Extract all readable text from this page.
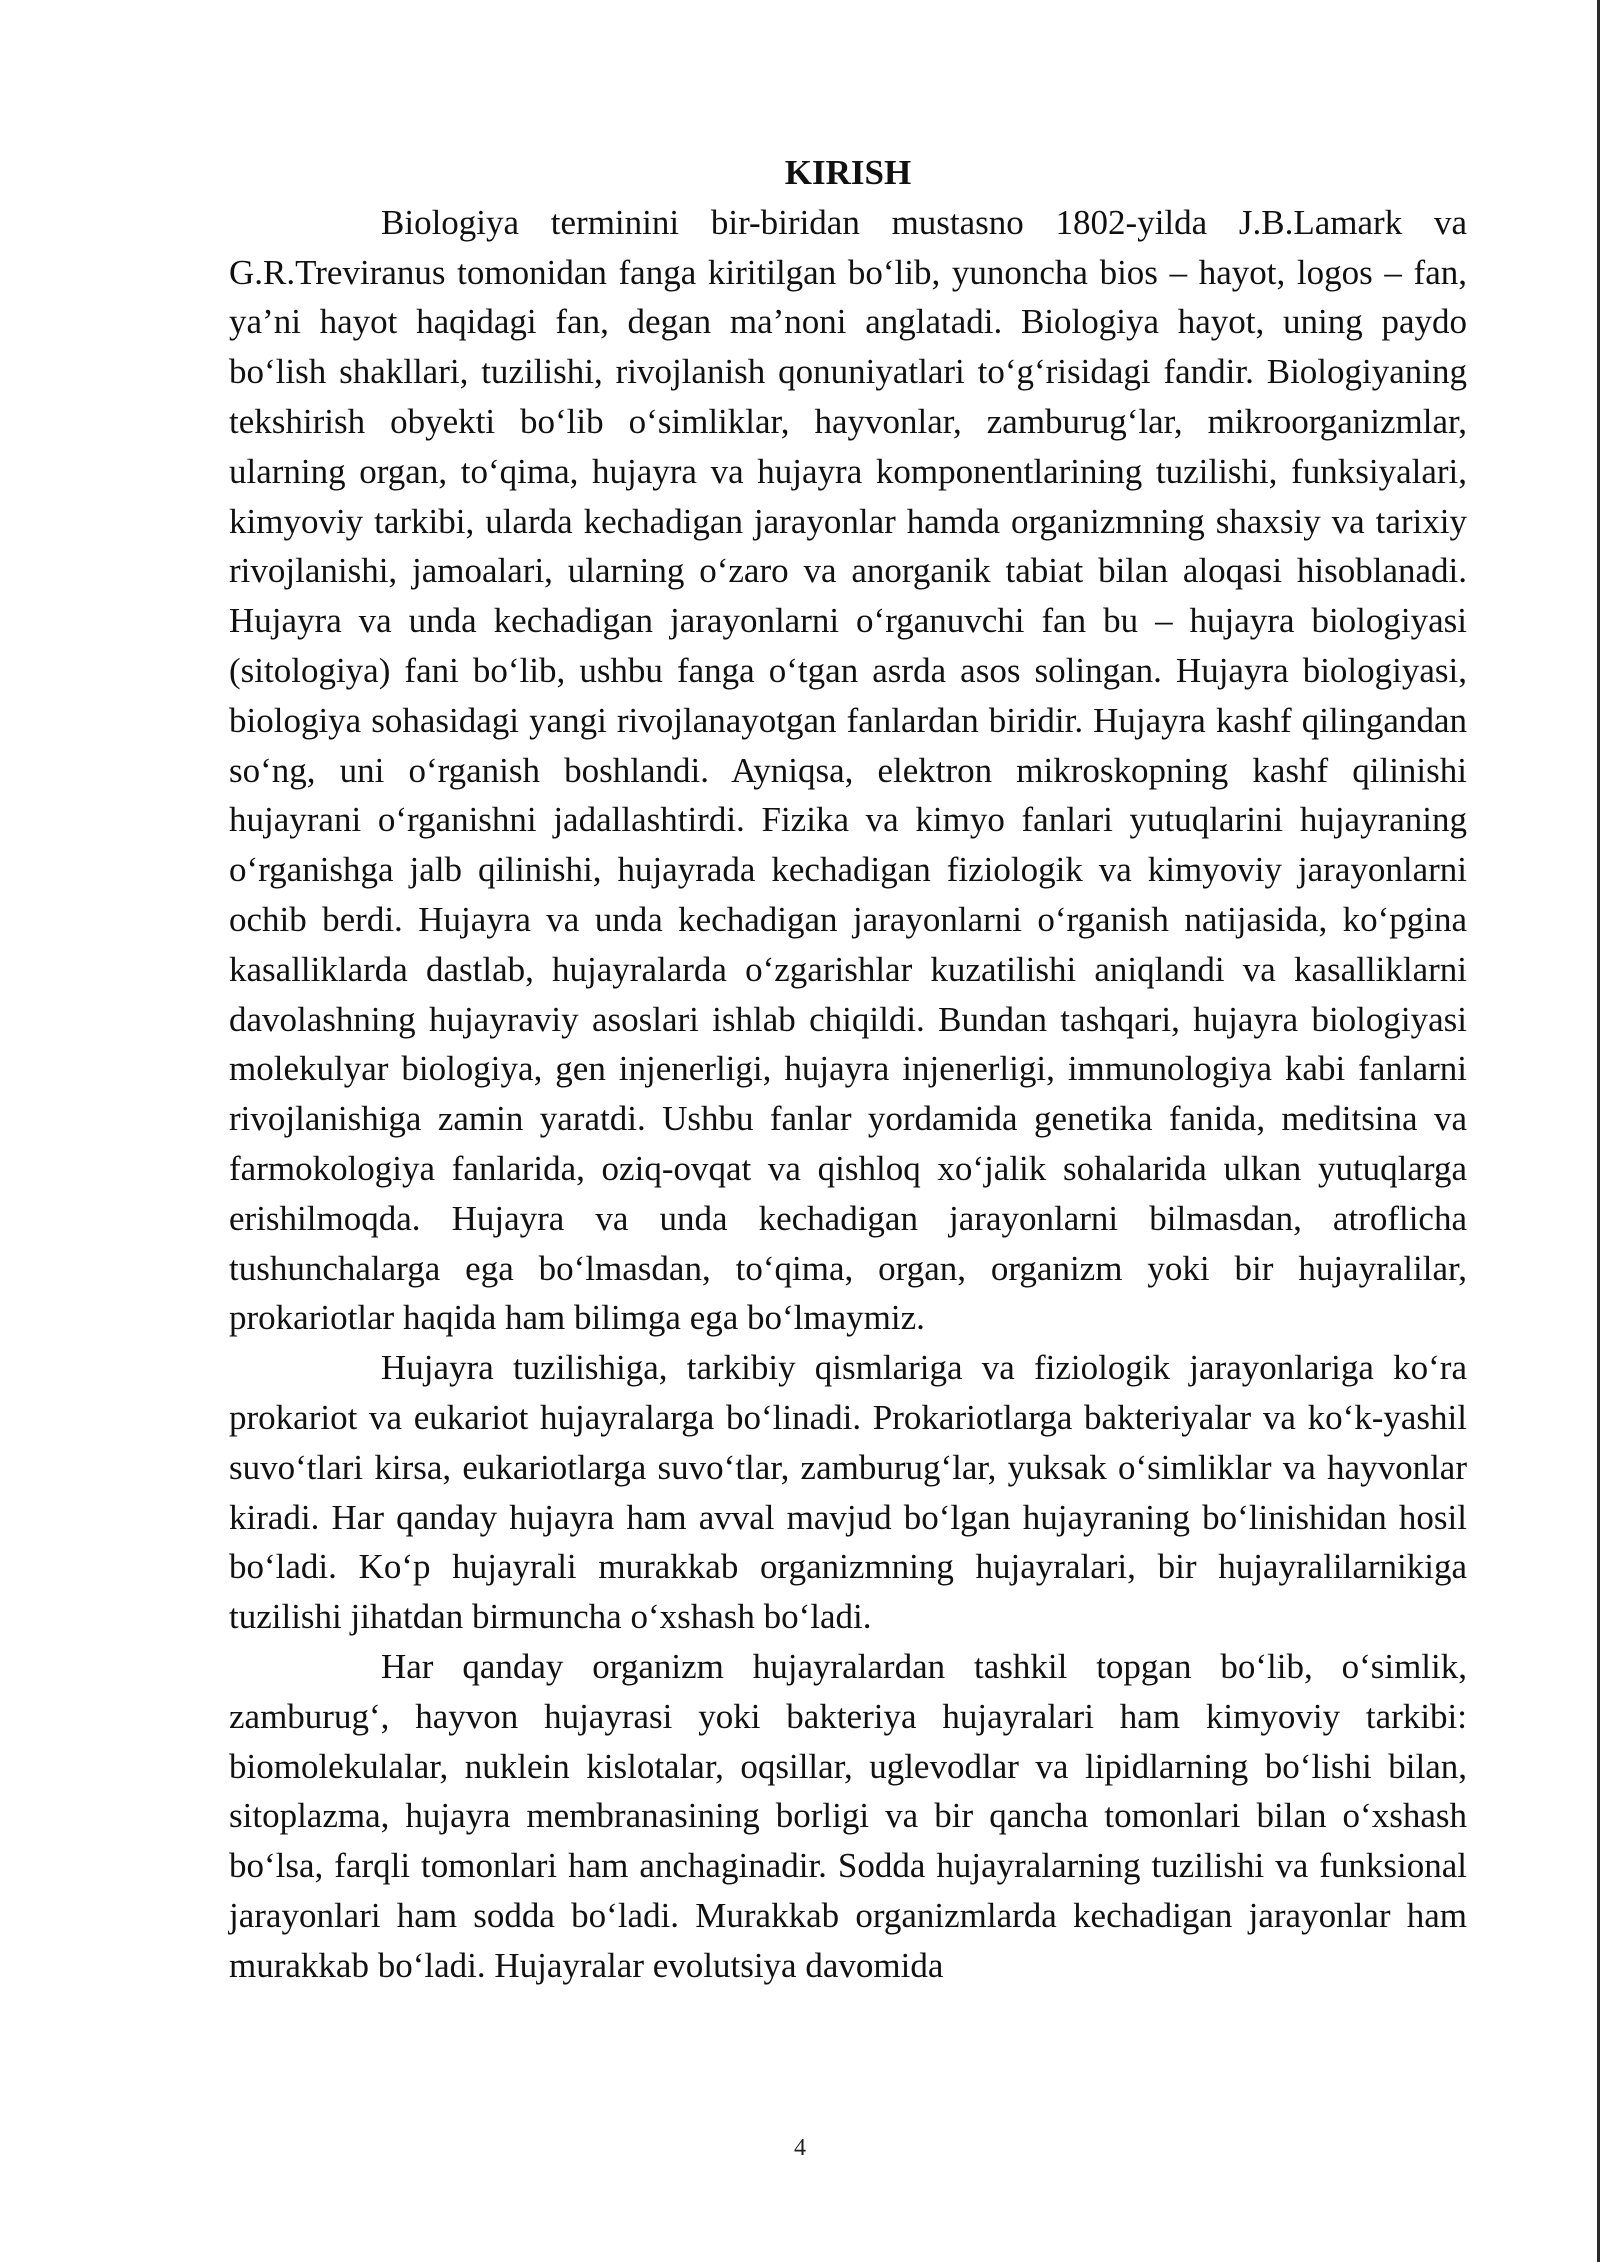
KIRISH

Biologiya terminini bir-biridan mustasno 1802-yilda J.B.Lamark va G.R.Treviranus tomonidan fanga kiritilgan bo‘lib, yunoncha bios – hayot, logos – fan, ya’ni hayot haqidagi fan, degan ma’noni anglatadi. Biologiya hayot, uning paydo bo‘lish shakllari, tuzilishi, rivojlanish qonuniyatlari to‘g‘risidagi fandir. Biologiyaning tekshirish obyekti bo‘lib o‘simliklar, hayvonlar, zamburug‘lar, mikroorganizmlar, ularning organ, to‘qima, hujayra va hujayra komponentlarining tuzilishi, funksiyalari, kimyoviy tarkibi, ularda kechadigan jarayonlar hamda organizmning shaxsiy va tarixiy rivojlanishi, jamoalari, ularning o‘zaro va anorganik tabiat bilan aloqasi hisoblanadi. Hujayra va unda kechadigan jarayonlarni o‘rganuvchi fan bu – hujayra biologiyasi (sitologiya) fani bo‘lib, ushbu fanga o‘tgan asrda asos solingan. Hujayra biologiyasi, biologiya sohasidagi yangi rivojlanayotgan fanlardan biridir. Hujayra kashf qilingandan so‘ng, uni o‘rganish boshlandi. Ayniqsa, elektron mikroskopning kashf qilinishi hujayrani o‘rganishni jadallashtirdi. Fizika va kimyo fanlari yutuqlarini hujayraning o‘rganishga jalb qilinishi, hujayrada kechadigan fiziologik va kimyoviy jarayonlarni ochib berdi. Hujayra va unda kechadigan jarayonlarni o‘rganish natijasida, ko‘pgina kasalliklarda dastlab, hujayralarda o‘zgarishlar kuzatilishi aniqlandi va kasalliklarni davolashning hujayraviy asoslari ishlab chiqildi. Bundan tashqari, hujayra biologiyasi molekulyar biologiya, gen injenerligi, hujayra injenerligi, immunologiya kabi fanlarni rivojlanishiga zamin yaratdi. Ushbu fanlar yordamida genetika fanida, meditsina va farmokologiya fanlarida, oziq-ovqat va qishloq xo‘jalik sohalarida ulkan yutuqlarga erishilmoqda. Hujayra va unda kechadigan jarayonlarni bilmasdan, atroflicha tushunchalarga ega bo‘lmasdan, to‘qima, organ, organizm yoki bir hujayralilar, prokariotlar haqida ham bilimga ega bo‘lmaymiz.

Hujayra tuzilishiga, tarkibiy qismlariga va fiziologik jarayonlariga ko‘ra prokariot va eukariot hujayralarga bo‘linadi. Prokariotlarga bakteriyalar va ko‘k-yashil suvo‘tlari kirsa, eukariotlarga suvo‘tlar, zamburug‘lar, yuksak o‘simliklar va hayvonlar kiradi. Har qanday hujayra ham avval mavjud bo‘lgan hujayraning bo‘linishidan hosil bo‘ladi. Ko‘p hujayrali murakkab organizmning hujayralari, bir hujayralilarnikiga tuzilishi jihatdan birmuncha o‘xshash bo‘ladi.

Har qanday organizm hujayralardan tashkil topgan bo‘lib, o‘simlik, zamburug‘, hayvon hujayrasi yoki bakteriya hujayralari ham kimyoviy tarkibi: biomolekulalar, nuklein kislotalar, oqsillar, uglevodlar va lipidlarning bo‘lishi bilan, sitoplazma, hujayra membranasining borligi va bir qancha tomonlari bilan o‘xshash bo‘lsa, farqli tomonlari ham anchaginadir. Sodda hujayralarning tuzilishi va funksional jarayonlari ham sodda bo‘ladi. Murakkab organizmlarda kechadigan jarayonlar ham murakkab bo‘ladi. Hujayralar evolutsiya davomida

4
